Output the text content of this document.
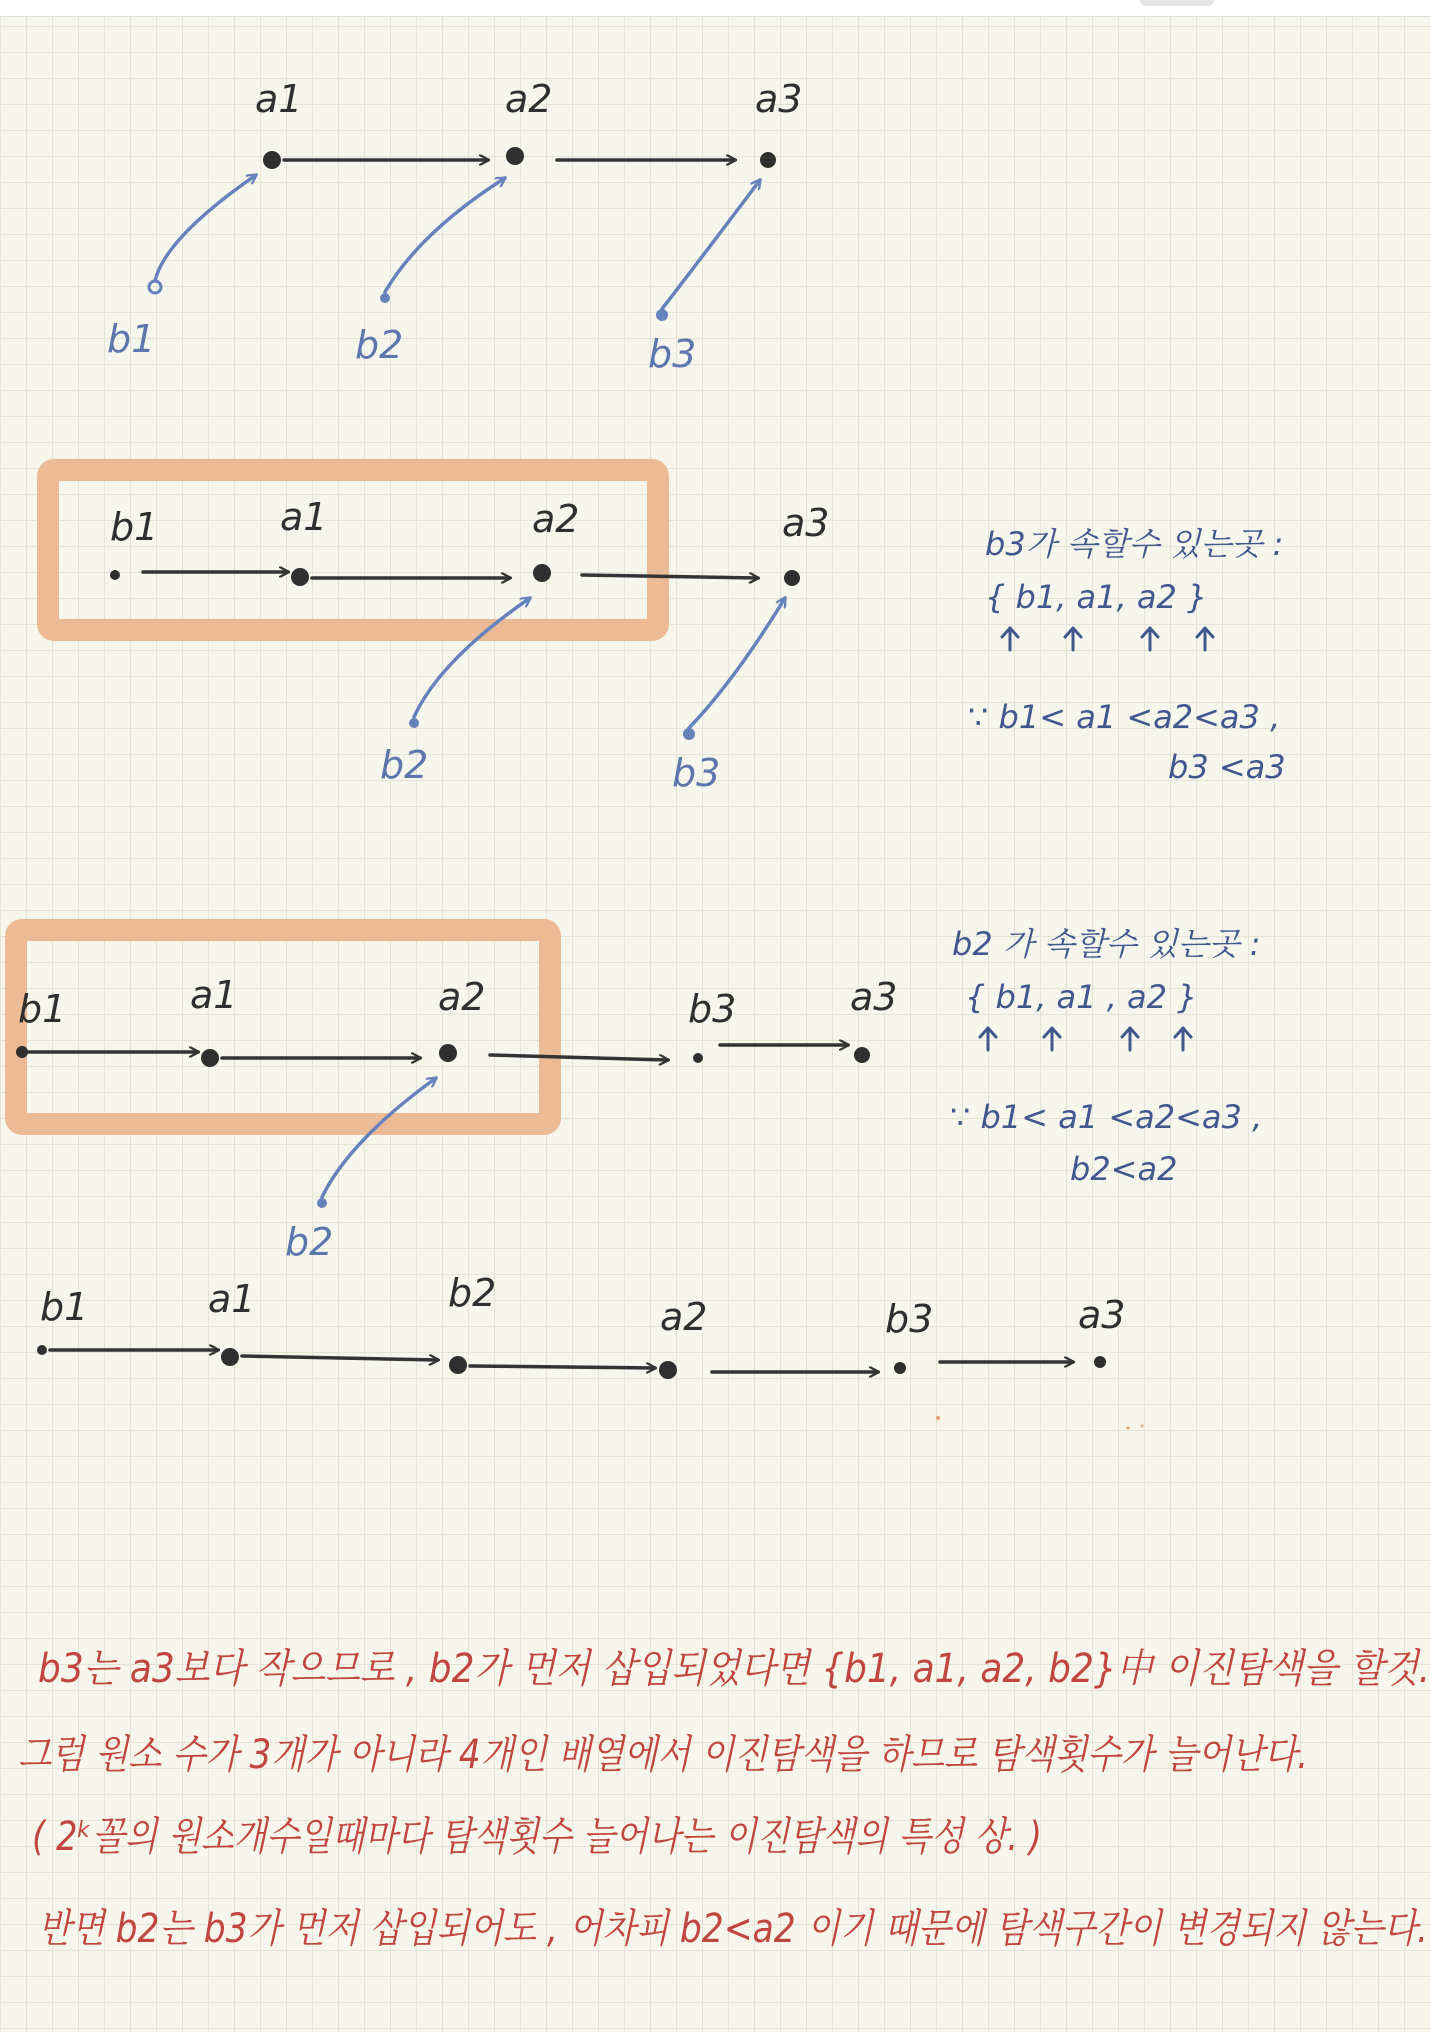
a1	a2	a3
b1	b2	b3
b1	a1	a2	a3
b2	b3
b3가 속할수 있는곳 :
{ b1, a1, a2 }
∵ b1< a1 <a2<a3 ,
b3 <a3
b1	a1	a2	b3	a3
b2
b2 가 속할수 있는곳 :
{ b1, a1 , a2 }
∵ b1< a1 <a2<a3 ,
b2<a2
b1	a1	b2
a2	b3	a3
b3는 a3보다 작으므로 , b2가 먼저 삽입되었다면 {b1, a1, a2, b2}中 이진탐색을 할것.
그럼 원소 수가 3개가 아니라 4개인 배열에서 이진탐색을 하므로 탐색횟수가 늘어난다.
( 2ᵏ꼴의 원소개수일때마다 탐색횟수 늘어나는 이진탐색의 특성 상. )
반면 b2는 b3가 먼저 삽입되어도 , 어차피 b2<a2 이기 때문에 탐색구간이 변경되지 않는다.
